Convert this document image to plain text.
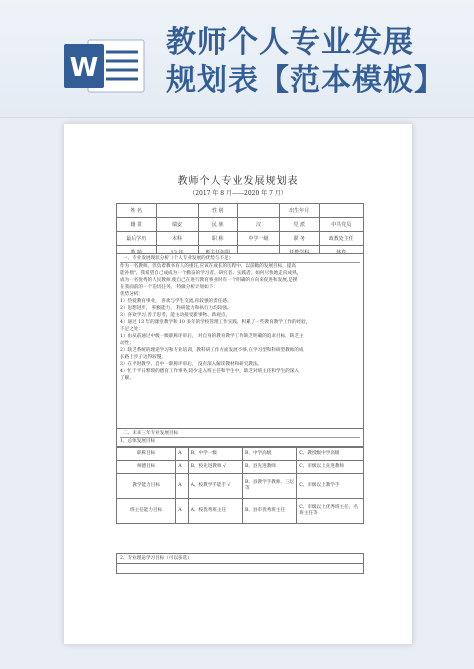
W
教师个人专业发展
规划表【范本模板】
教师个人专业发展规划表
（2017 年 8 月——2020 年 7 月）
姓 名		性 别		出生年月	
籍 贯	瑞安	民 族	汉	党 派	中共党员
最后学历	本科	职 称	中学一级	职 务	政教处主任

一、专业发展现状分析（个人专业发展的优势与不足）

作为一名教师，但负着教书育人的重任,应该在成长的历程中，以前瞻的发展目标，提高

能补拙"，我希望自己成成为一个勤奋的学习者、研究者、实践者。如何尽快地走向成熟，

成为一名优秀的人民教师,使自己在进行教育事业时有一个明确的方向来促进和发展,是摆

在我面前的一个迫切任务。 特做分析计划如下：

优势分析：

1）热爱教育事业， 喜欢与学生交流,你较强的责任感。

2）思想进步， 积极能力， 科研能力和执行力均较强。

3）喜欢学习,善于思考，能主动接受新事物、新观点。

4）通过 13 年的课堂教学和 10 多年的学校管理工作实践，积累了一些教育教学工作的经验，

不足之处：

1）由从前通过中级一级职称评审后， 对自身的教育教学工作缺乏明确的追求目标，缺乏主

动性；

2）缺乏系统的理论学习和专业培训，教科研工作方面发展不够,在学习型和科研型教师的成

长路上步子迈得较慢。

3）在平时教学、自中一职称评审后， 没有深入解读教材和研究教法。

4）忙于平日繁琐的德育工作事务,较少走入班主任和学生中，缺乏对班主任和学生的深入

了解。

二、未来三年专业发展目标

1、总体发展目标

职称目标	A	B、中学一级	B、中学高级	C、教授级中学高级
师德目标	A	B、校先进教师 √	B、县先进教师	C、市级以上先进教师
教学能力目标	A	A、校教学手能手 √	B、县教学手教师、三坛等	C、市级以上教学手
班主任能力目标	A	A、校优秀班主任	B、县市优秀班主任	C、市级以上优秀班主任、名班主任等
2、专业理论学习目标（可以多选）
